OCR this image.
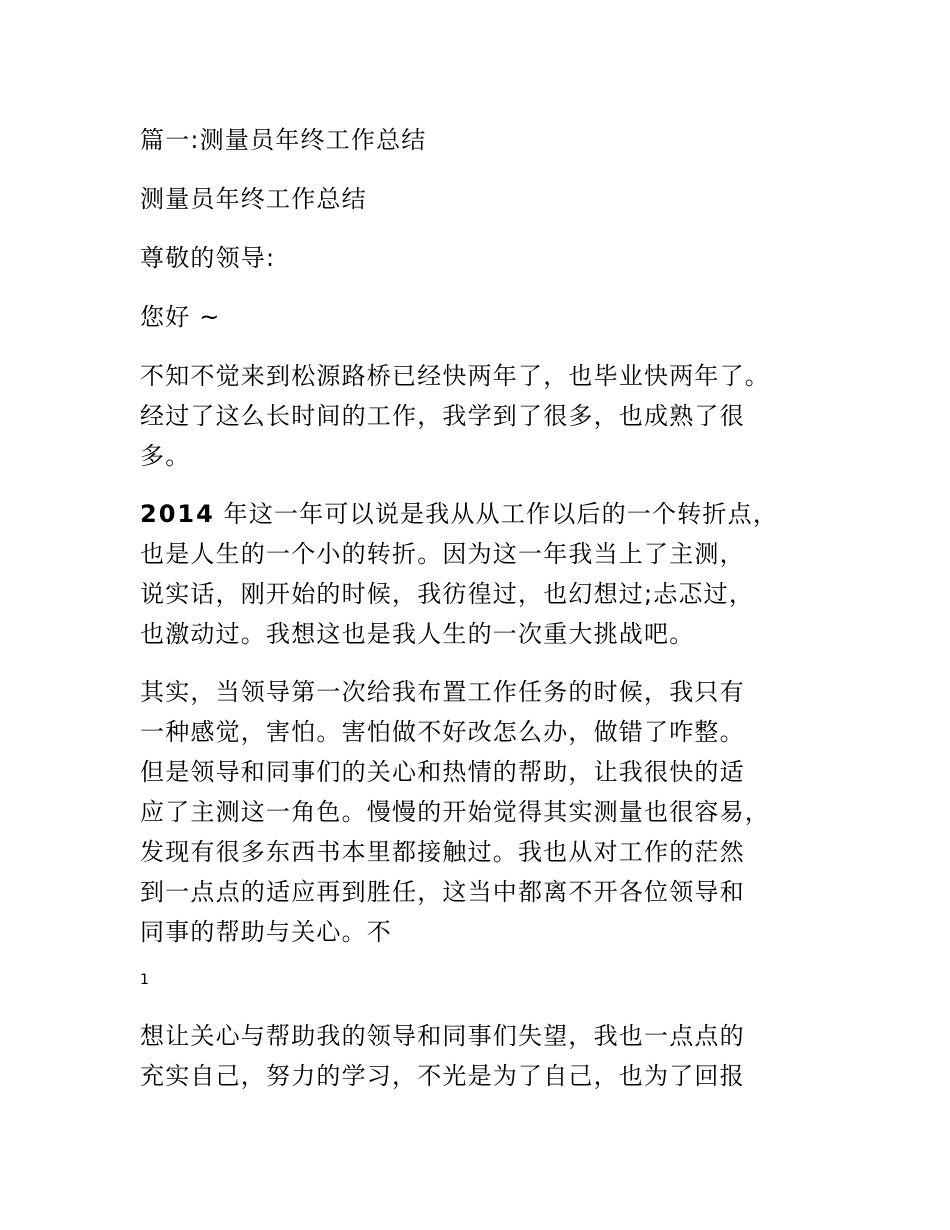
篇一:测量员年终工作总结
测量员年终工作总结
尊敬的领导:
您好 ~
不知不觉来到松源路桥已经快两年了，也毕业快两年了。
经过了这么长时间的工作，我学到了很多，也成熟了很
多。
2014 年这一年可以说是我从从工作以后的一个转折点，
也是人生的一个小的转折。因为这一年我当上了主测，
说实话，刚开始的时候，我彷徨过，也幻想过;忐忑过，
也激动过。我想这也是我人生的一次重大挑战吧。
其实，当领导第一次给我布置工作任务的时候，我只有
一种感觉，害怕。害怕做不好改怎么办，做错了咋整。
但是领导和同事们的关心和热情的帮助，让我很快的适
应了主测这一角色。慢慢的开始觉得其实测量也很容易，
发现有很多东西书本里都接触过。我也从对工作的茫然
到一点点的适应再到胜任，这当中都离不开各位领导和
同事的帮助与关心。不
1
想让关心与帮助我的领导和同事们失望，我也一点点的
充实自己，努力的学习，不光是为了自己，也为了回报
